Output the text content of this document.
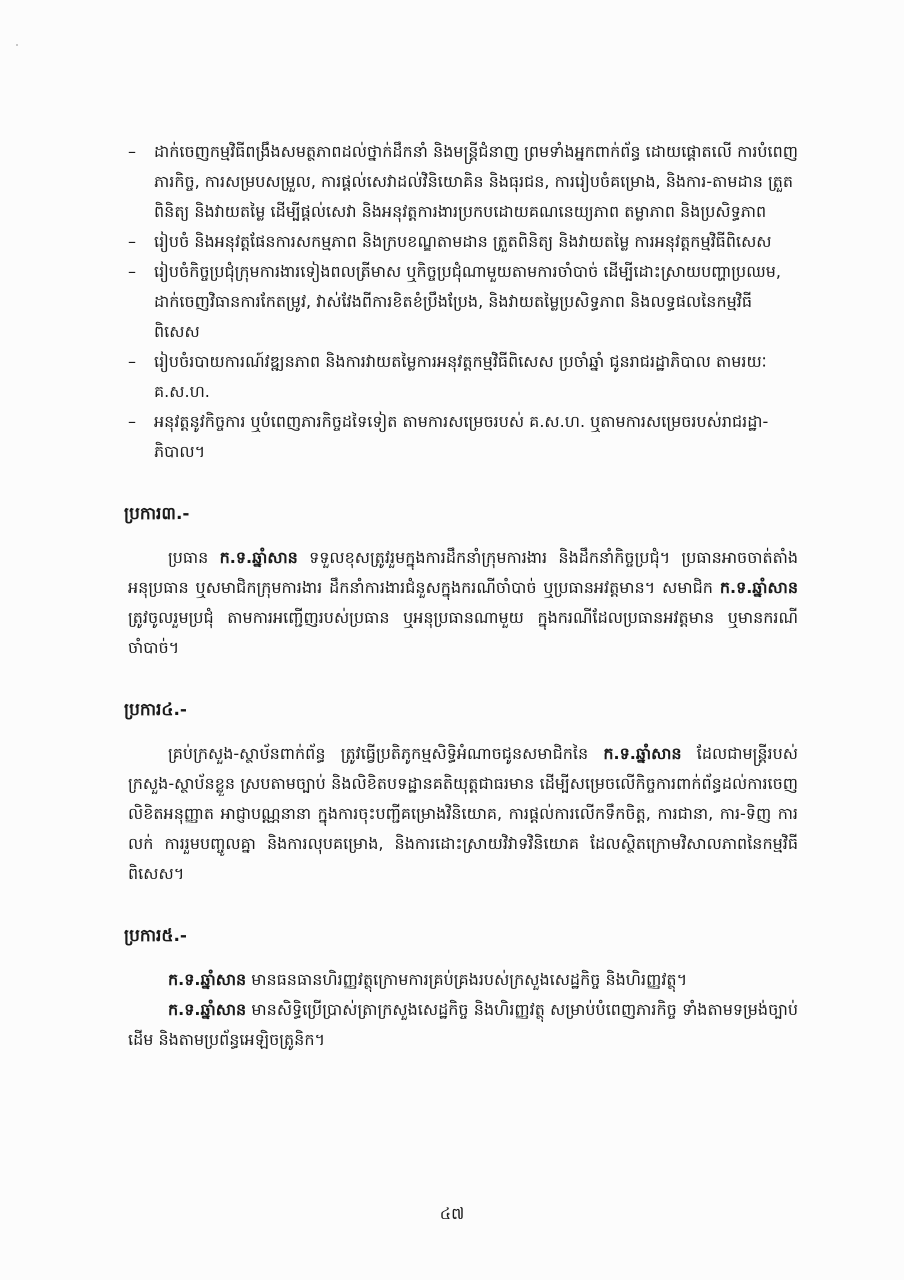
– ដាក់ចេញកម្មវិធីពង្រឹងសមត្ថភាពដល់ថ្នាក់ដឹកនាំ និងមន្ត្រីជំនាញ ព្រមទាំងអ្នកពាក់ព័ន្ធ ដោយផ្តោតលើ ការបំពេញភារកិច្ច, ការសម្របសម្រួល, ការផ្តល់សេវាដល់វិនិយោគិន និងធុរជន, ការរៀបចំគម្រោង, និងការ-តាមដាន ត្រួតពិនិត្យ និងវាយតម្លៃ ដើម្បីផ្តល់សេវា និងអនុវត្តការងារប្រកបដោយគណនេយ្យភាព តម្លាភាព និងប្រសិទ្ធភាព
– រៀបចំ និងអនុវត្តផែនការសកម្មភាព និងក្របខណ្ឌតាមដាន ត្រួតពិនិត្យ និងវាយតម្លៃ ការអនុវត្តកម្មវិធីពិសេស
– រៀបចំកិច្ចប្រជុំក្រុមការងារទៀងពលត្រីមាស ឬកិច្ចប្រជុំណាមួយតាមការចាំបាច់ ដើម្បីដោះស្រាយបញ្ហាប្រឈម, ដាក់ចេញវិធានការកែតម្រូវ, វាស់វែងពីការខិតខំប្រឹងប្រែង, និងវាយតម្លៃប្រសិទ្ធភាព និងលទ្ធផលនៃកម្មវិធី ពិសេស
– រៀបចំរបាយការណ៍វឌ្ឍនភាព និងការវាយតម្លៃការអនុវត្តកម្មវិធីពិសេស ប្រចាំឆ្នាំ ជូនរាជរដ្ឋាភិបាល តាមរយៈ គ.ស.ហ.
– អនុវត្តនូវកិច្ចការ ឬបំពេញភារកិច្ចដទៃទៀត តាមការសម្រេចរបស់ គ.ស.ហ. ឬតាមការសម្រេចរបស់រាជរដ្ឋា-ភិបាល។
ប្រការ៣.-

ប្រធាន ក.ទ.ឆ្នាំសាន ទទួលខុសត្រូវរួមក្នុងការដឹកនាំក្រុមការងារ និងដឹកនាំកិច្ចប្រជុំ។ ប្រធានអាចចាត់តាំង អនុប្រធាន ឬសមាជិកក្រុមការងារ ដឹកនាំការងារជំនួសក្នុងករណីចាំបាច់ ឬប្រធានអវត្តមាន។ សមាជិក ក.ទ.ឆ្នាំសាន ត្រូវចូលរួមប្រជុំ តាមការអញ្ជើញរបស់ប្រធាន ឬអនុប្រធានណាមួយ ក្នុងករណីដែលប្រធានអវត្តមាន ឬមានករណីចាំបាច់។

ប្រការ៤.-

គ្រប់ក្រសួង-ស្ថាប័នពាក់ព័ន្ធ ត្រូវធ្វើប្រតិភូកម្មសិទ្ធិអំណាចជូនសមាជិកនៃ ក.ទ.ឆ្នាំសាន ដែលជាមន្ត្រីរបស់ក្រសួង-ស្ថាប័នខ្លួន ស្របតាមច្បាប់ និងលិខិតបទដ្ឋានគតិយុត្តជាធរមាន ដើម្បីសម្រេចលើកិច្ចការពាក់ព័ន្ធដល់ការចេញលិខិតអនុញ្ញាត អាជ្ញាបណ្ណនានា ក្នុងការចុះបញ្ជីគម្រោងវិនិយោគ, ការផ្តល់ការលើកទឹកចិត្ត, ការជានា, ការ-ទិញ ការលក់ ការរួមបញ្ចូលគ្នា និងការលុបគម្រោង, និងការដោះស្រាយវិវាទវិនិយោគ ដែលស្ថិតក្រោមវិសាលភាពនៃកម្មវិធីពិសេស។

ប្រការ៥.-

ក.ទ.ឆ្នាំសាន មានធនធានហិរញ្ញវត្ថុក្រោមការគ្រប់គ្រងរបស់ក្រសួងសេដ្ឋកិច្ច និងហិរញ្ញវត្ថុ។

ក.ទ.ឆ្នាំសាន មានសិទ្ធិប្រើប្រាស់ត្រាក្រសួងសេដ្ឋកិច្ច និងហិរញ្ញវត្ថុ សម្រាប់បំពេញភារកិច្ច ទាំងតាមទម្រង់ច្បាប់ដើម និងតាមប្រព័ន្ធអេឡិចត្រូនិក។

៤៧
